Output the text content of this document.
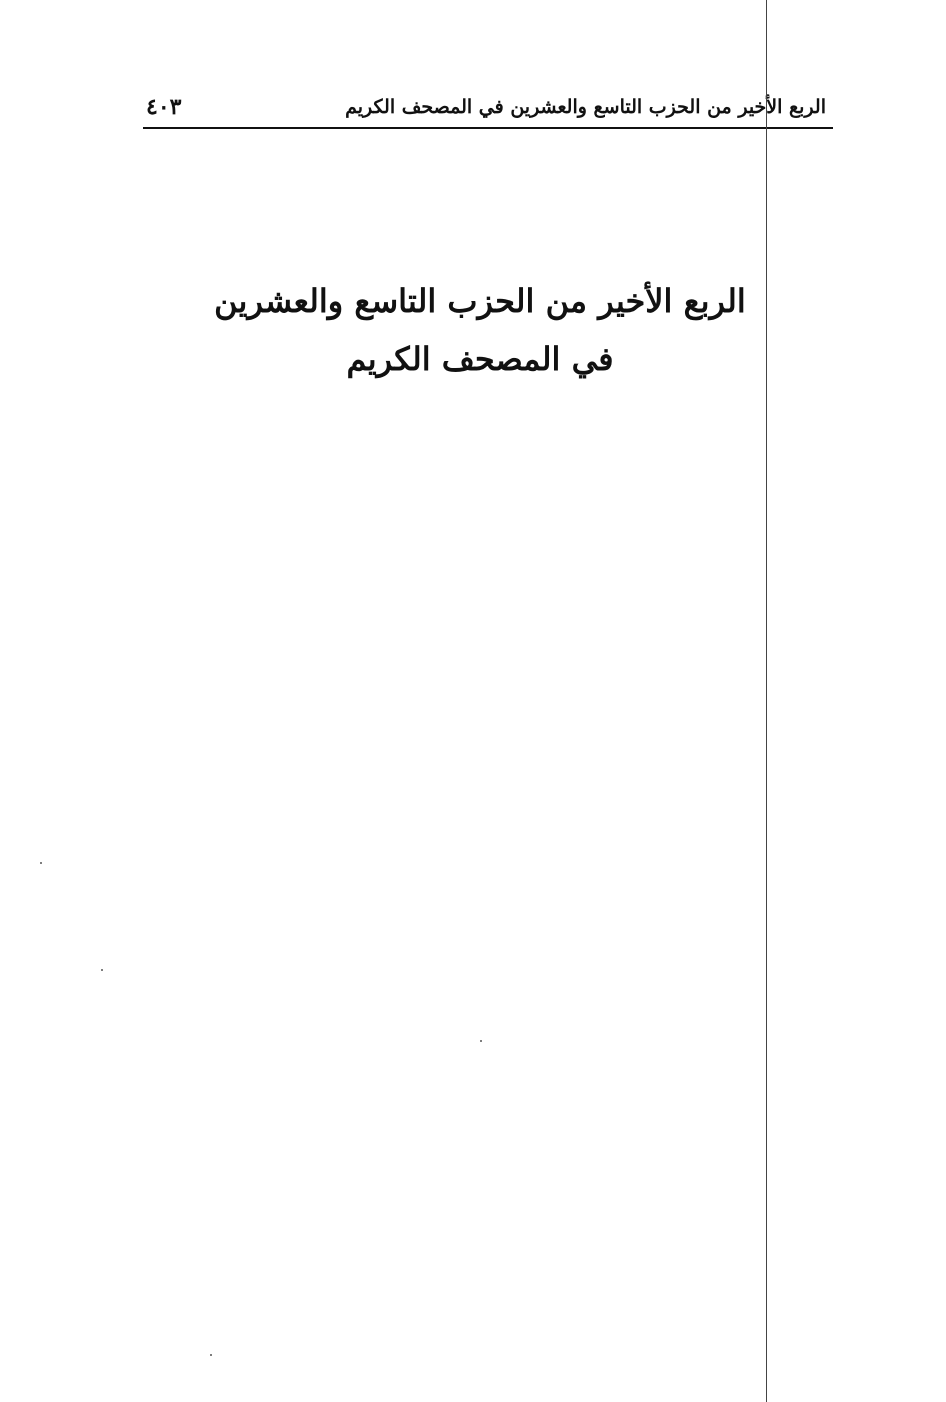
الربع الأخير من الحزب التاسع والعشرين في المصحف الكريم
٤٠٣
الربع الأخير من الحزب التاسع والعشرين
في المصحف الكريم
